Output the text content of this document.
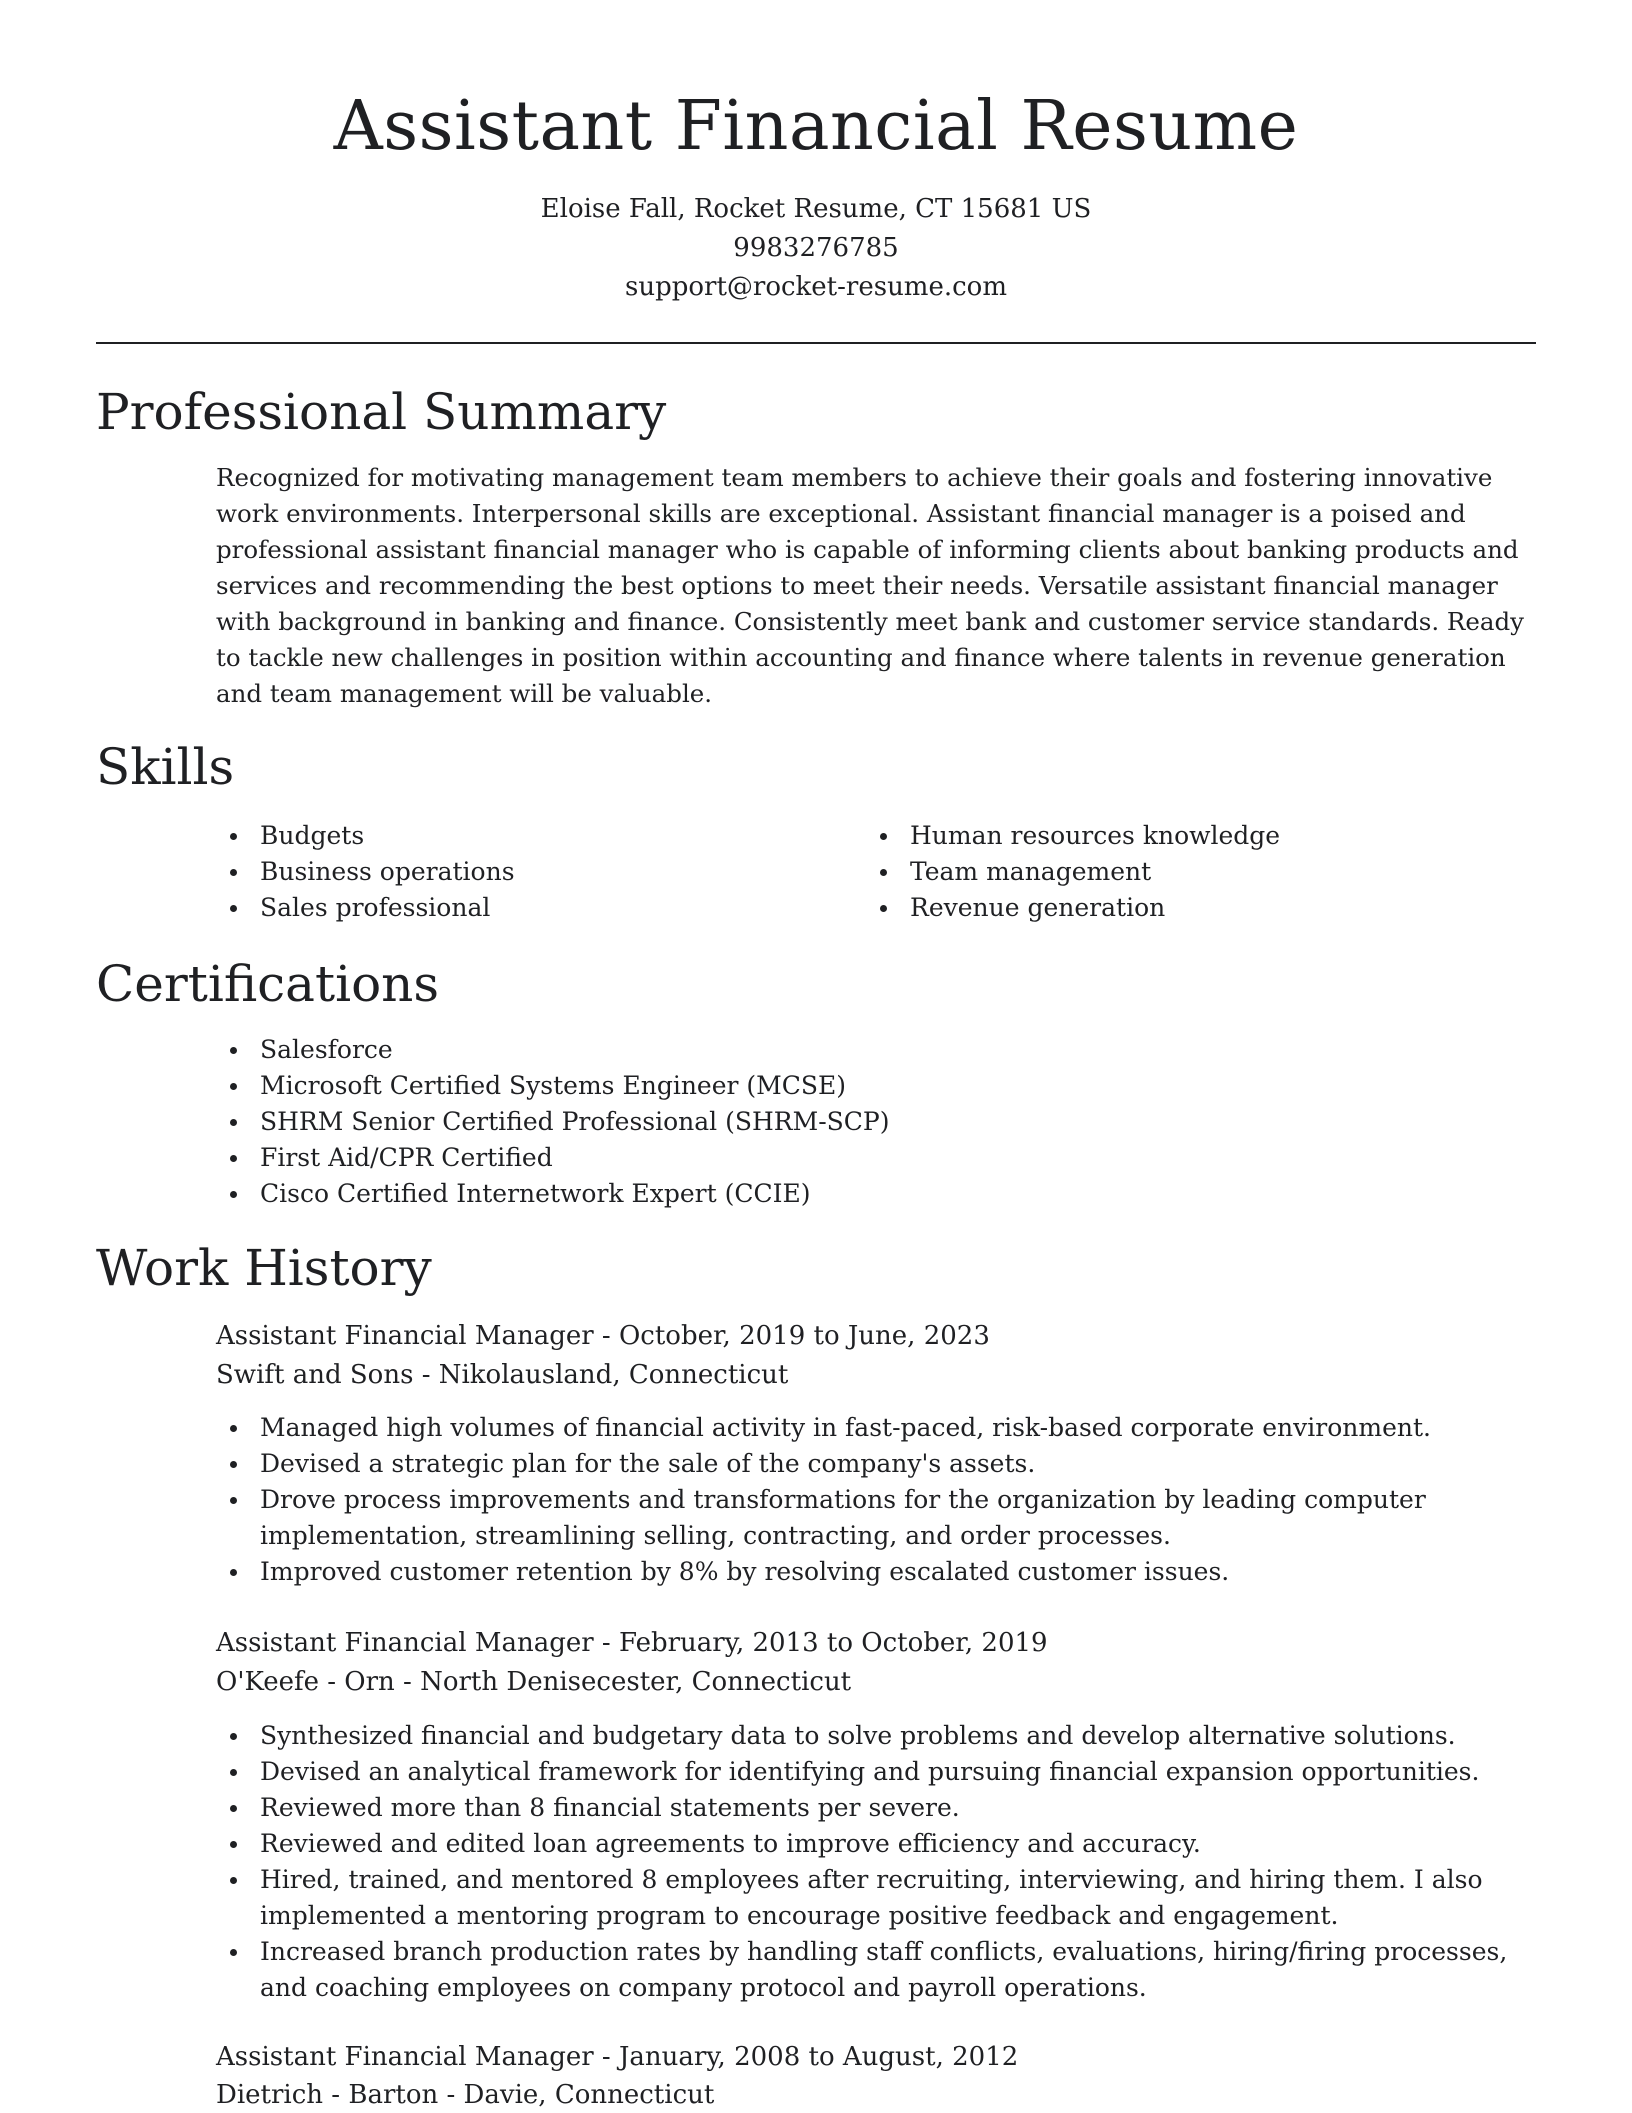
Assistant Financial Resume
Eloise Fall, Rocket Resume, CT 15681 US
9983276785
support@rocket-resume.com
Professional Summary

Recognized for motivating management team members to achieve their goals and fostering innovative work environments. Interpersonal skills are exceptional. Assistant financial manager is a poised and professional assistant financial manager who is capable of informing clients about banking products and services and recommending the best options to meet their needs. Versatile assistant financial manager with background in banking and finance. Consistently meet bank and customer service standards. Ready to tackle new challenges in position within accounting and finance where talents in revenue generation and team management will be valuable.

Skills
Budgets
Business operations
Sales professional
Human resources knowledge
Team management
Revenue generation
Certifications
Salesforce
Microsoft Certified Systems Engineer (MCSE)
SHRM Senior Certified Professional (SHRM-SCP)
First Aid/CPR Certified
Cisco Certified Internetwork Expert (CCIE)
Work History
Assistant Financial Manager - October, 2019 to June, 2023
Swift and Sons - Nikolausland, Connecticut
Managed high volumes of financial activity in fast-paced, risk-based corporate environment.
Devised a strategic plan for the sale of the company's assets.
Drove process improvements and transformations for the organization by leading computer implementation, streamlining selling, contracting, and order processes.
Improved customer retention by 8% by resolving escalated customer issues.
Assistant Financial Manager - February, 2013 to October, 2019
O'Keefe - Orn - North Denisecester, Connecticut
Synthesized financial and budgetary data to solve problems and develop alternative solutions.
Devised an analytical framework for identifying and pursuing financial expansion opportunities.
Reviewed more than 8 financial statements per severe.
Reviewed and edited loan agreements to improve efficiency and accuracy.
Hired, trained, and mentored 8 employees after recruiting, interviewing, and hiring them. I also implemented a mentoring program to encourage positive feedback and engagement.
Increased branch production rates by handling staff conflicts, evaluations, hiring/firing processes, and coaching employees on company protocol and payroll operations.
Assistant Financial Manager - January, 2008 to August, 2012
Dietrich - Barton - Davie, Connecticut
